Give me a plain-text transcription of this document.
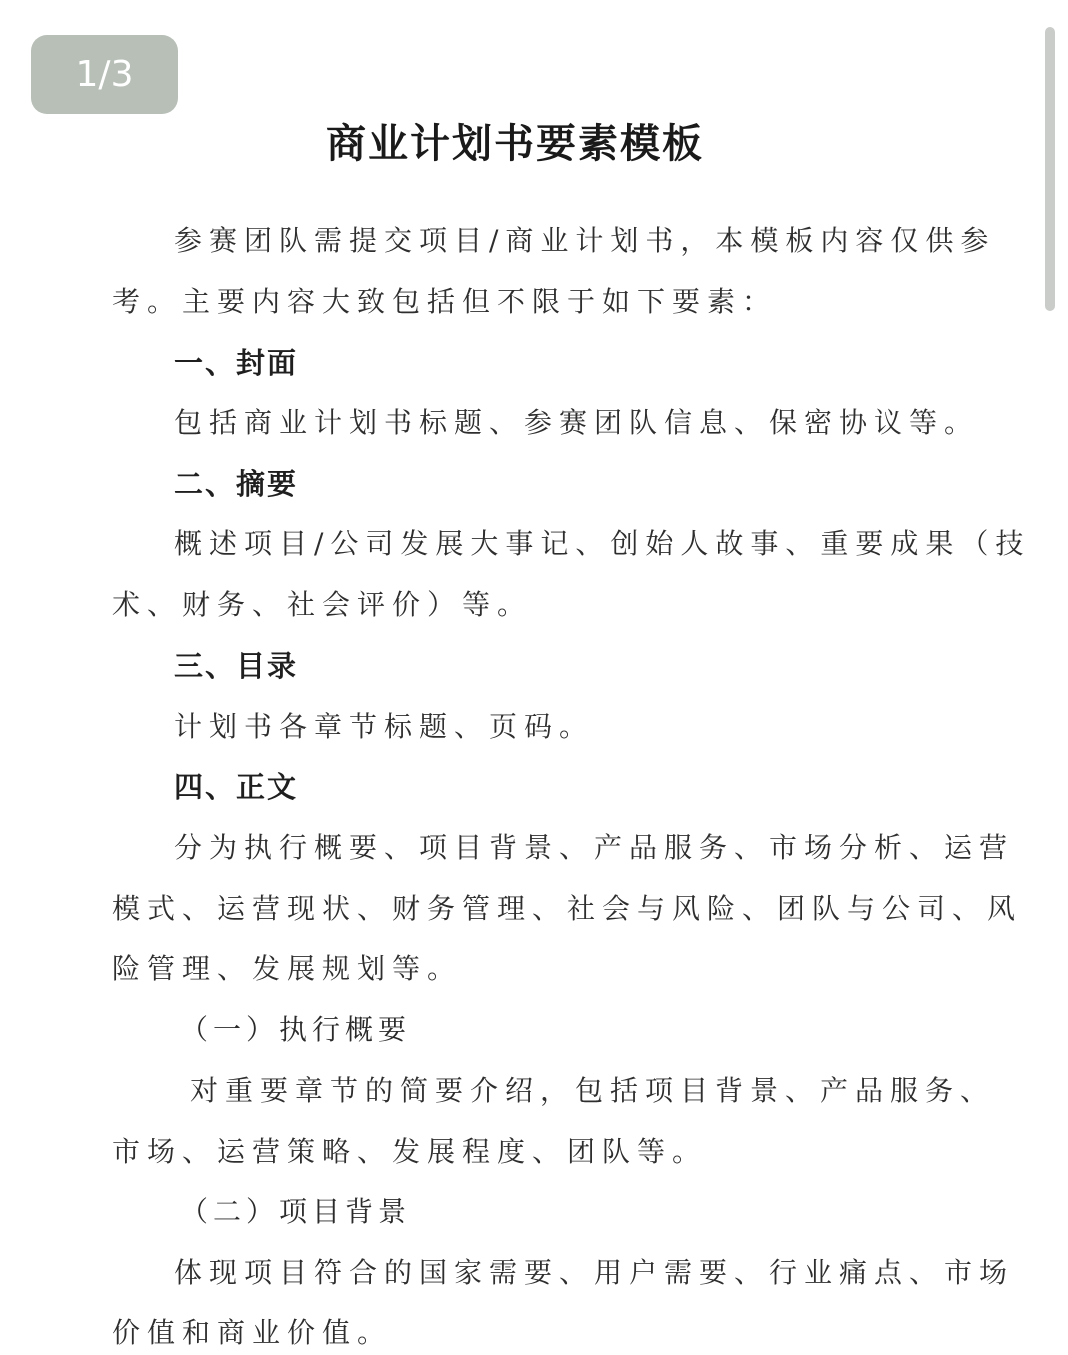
1/3
商业计划书要素模板
参赛团队需提交项目/商业计划书，本模板内容仅供参
考。主要内容大致包括但不限于如下要素：
一、封面
包括商业计划书标题、参赛团队信息、保密协议等。
二、摘要
概述项目/公司发展大事记、创始人故事、重要成果（技
术、财务、社会评价）等。
三、目录
计划书各章节标题、页码。
四、正文
分为执行概要、项目背景、产品服务、市场分析、运营
模式、运营现状、财务管理、社会与风险、团队与公司、风
险管理、发展规划等。
（一）执行概要
对重要章节的简要介绍，包括项目背景、产品服务、
市场、运营策略、发展程度、团队等。
（二）项目背景
体现项目符合的国家需要、用户需要、行业痛点、市场
价值和商业价值。
